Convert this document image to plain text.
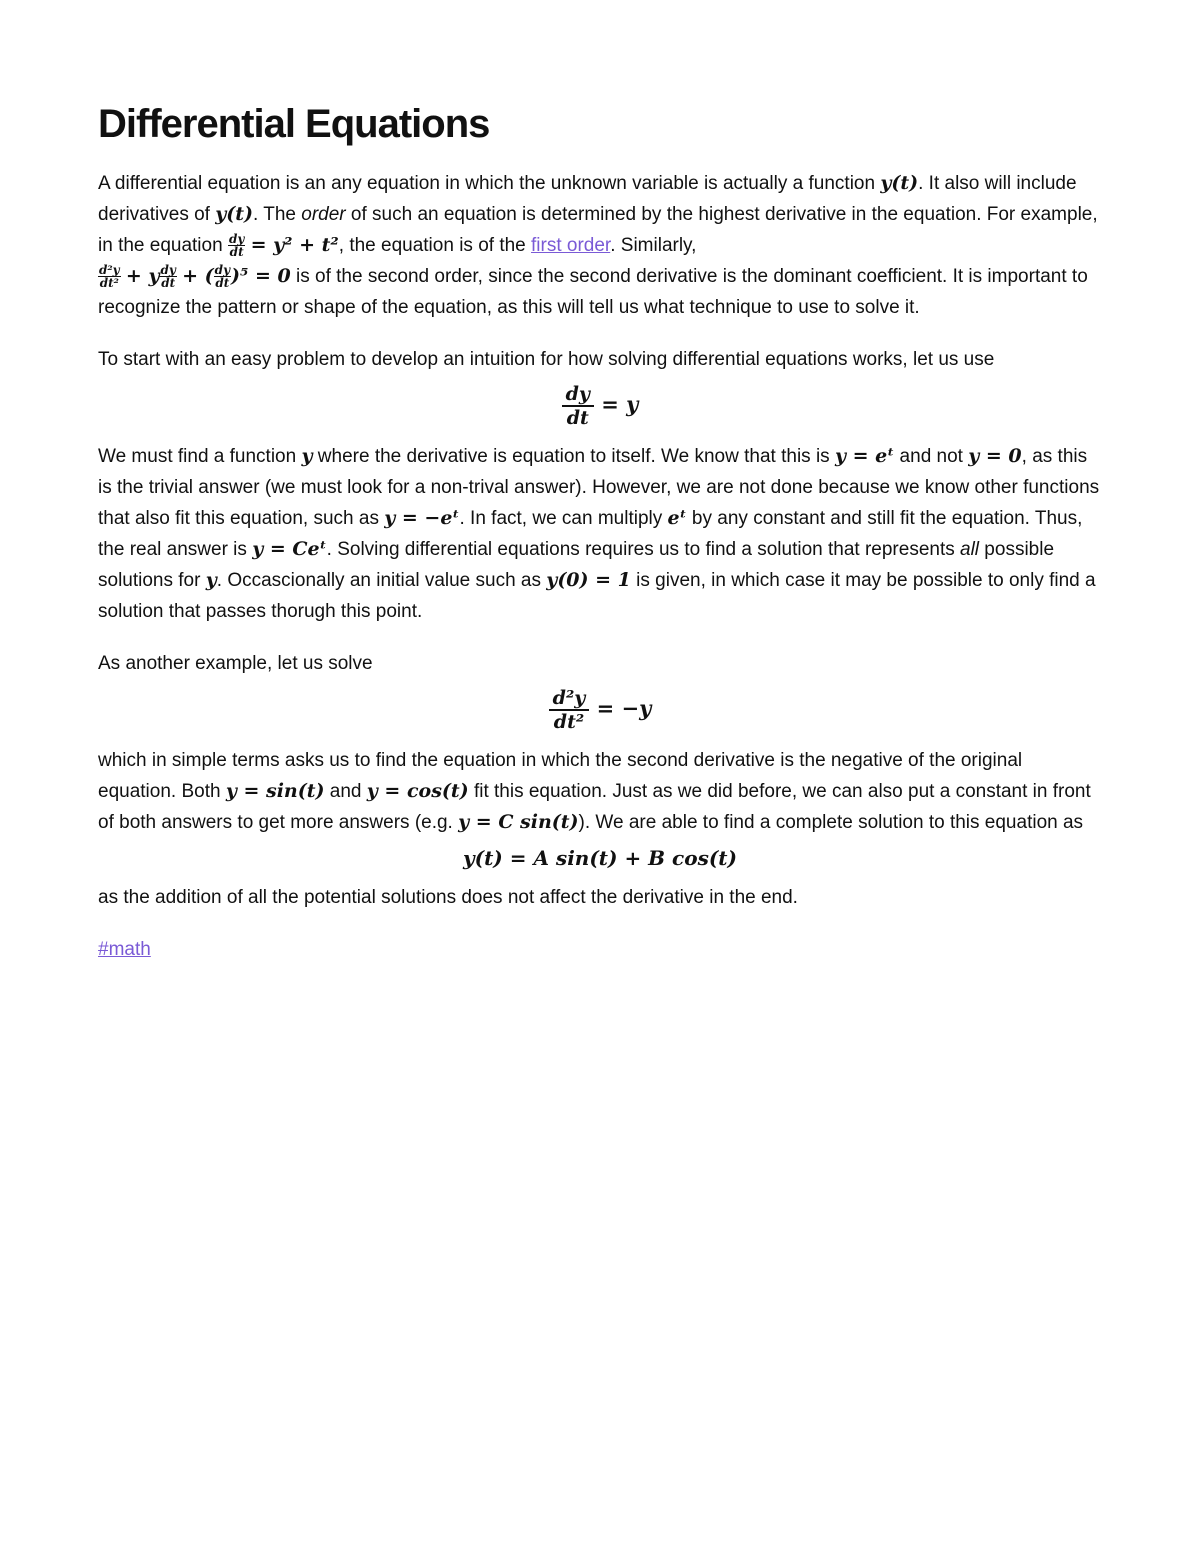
Differential Equations

A differential equation is an any equation in which the unknown variable is actually a function y(t). It also will include derivatives of y(t). The order of such an equation is determined by the highest derivative in the equation. For example, in the equation $\frac{dy}{dt} = y^2 + t^2$, the equation is of the first order. Similarly,

$\frac{\text{d²y}}{\text{dt²}} + y \frac{dy}{dt}$ + ( $\frac{dy}{dt} )^5 = 0$ is of the second order, since the second derivative is the dominant coefficient. It is important to recognize the pattern or shape of the equation, as this will tell us what technique to use to solve it.

To start with an easy problem to develop an intuition for how solving differential equations works, let us use

$\frac{dy}{dt} = y$

We must find a function y where the derivative is equation to itself. We know that this is y = eᵗ and not y = 0, as this is the trivial answer (we must look for a non-trival answer). However, we are not done because we know other functions that also fit this equation, such as y = −eᵗ. In fact, we can multiply eᵗ by any constant and still fit the equation. Thus, the real answer is y = Ceᵗ. Solving differential equations requires us to find a solution that represents all possible solutions for y. Occascionally an initial value such as y(0) = 1 is given, in which case it may be possible to only find a solution that passes thorugh this point.

As another example, let us solve

$\frac{\text{d²y}}{\text{dt²}} = -y$

which in simple terms asks us to find the equation in which the second derivative is the negative of the original equation. Both y = sin(t) and y = cos(t) fit this equation. Just as we did before, we can also put a constant in front of both answers to get more answers (e.g. y = C sin(t)). We are able to find a complete solution to this equation as

y(t) = A sin(t) + B cos(t)

as the addition of all the potential solutions does not affect the derivative in the end.

#math
